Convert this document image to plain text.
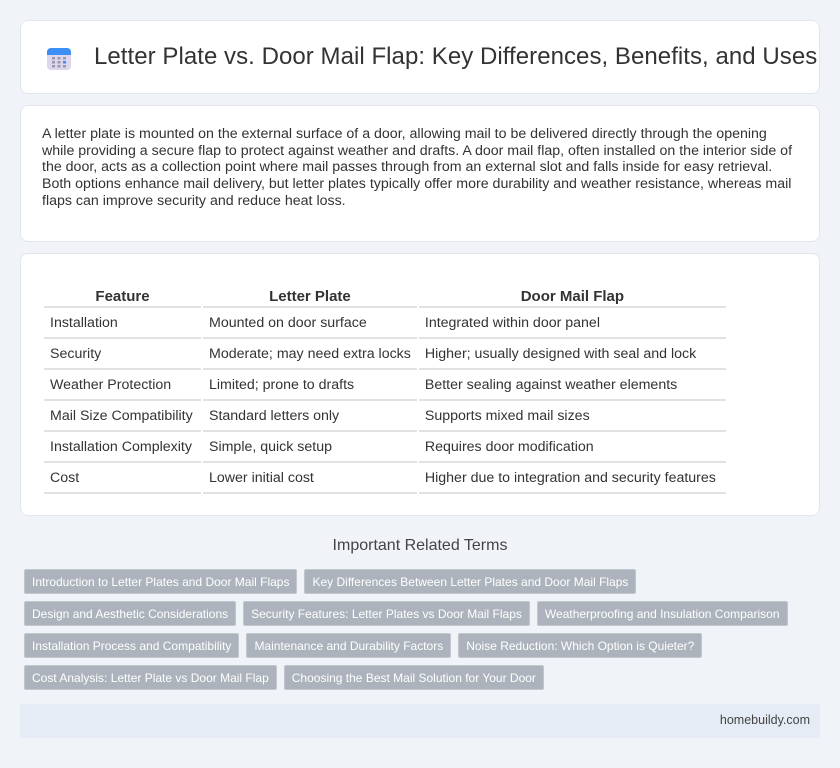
Letter Plate vs. Door Mail Flap: Key Differences, Benefits, and Uses

A letter plate is mounted on the external surface of a door, allowing mail to be delivered directly through the opening while providing a secure flap to protect against weather and drafts. A door mail flap, often installed on the interior side of the door, acts as a collection point where mail passes through from an external slot and falls inside for easy retrieval. Both options enhance mail delivery, but letter plates typically offer more durability and weather resistance, whereas mail flaps can improve security and reduce heat loss.

Feature	Letter Plate	Door Mail Flap
Installation	Mounted on door surface	Integrated within door panel
Security	Moderate; may need extra locks	Higher; usually designed with seal and lock
Weather Protection	Limited; prone to drafts	Better sealing against weather elements
Mail Size Compatibility	Standard letters only	Supports mixed mail sizes
Installation Complexity	Simple, quick setup	Requires door modification
Cost	Lower initial cost	Higher due to integration and security features
Important Related Terms
Introduction to Letter Plates and Door Mail Flaps	Key Differences Between Letter Plates and Door Mail Flaps
Design and Aesthetic Considerations	Security Features: Letter Plates vs Door Mail Flaps	Weatherproofing and Insulation Comparison
Installation Process and Compatibility	Maintenance and Durability Factors	Noise Reduction: Which Option is Quieter?
Cost Analysis: Letter Plate vs Door Mail Flap	Choosing the Best Mail Solution for Your Door
homebuildy.com
